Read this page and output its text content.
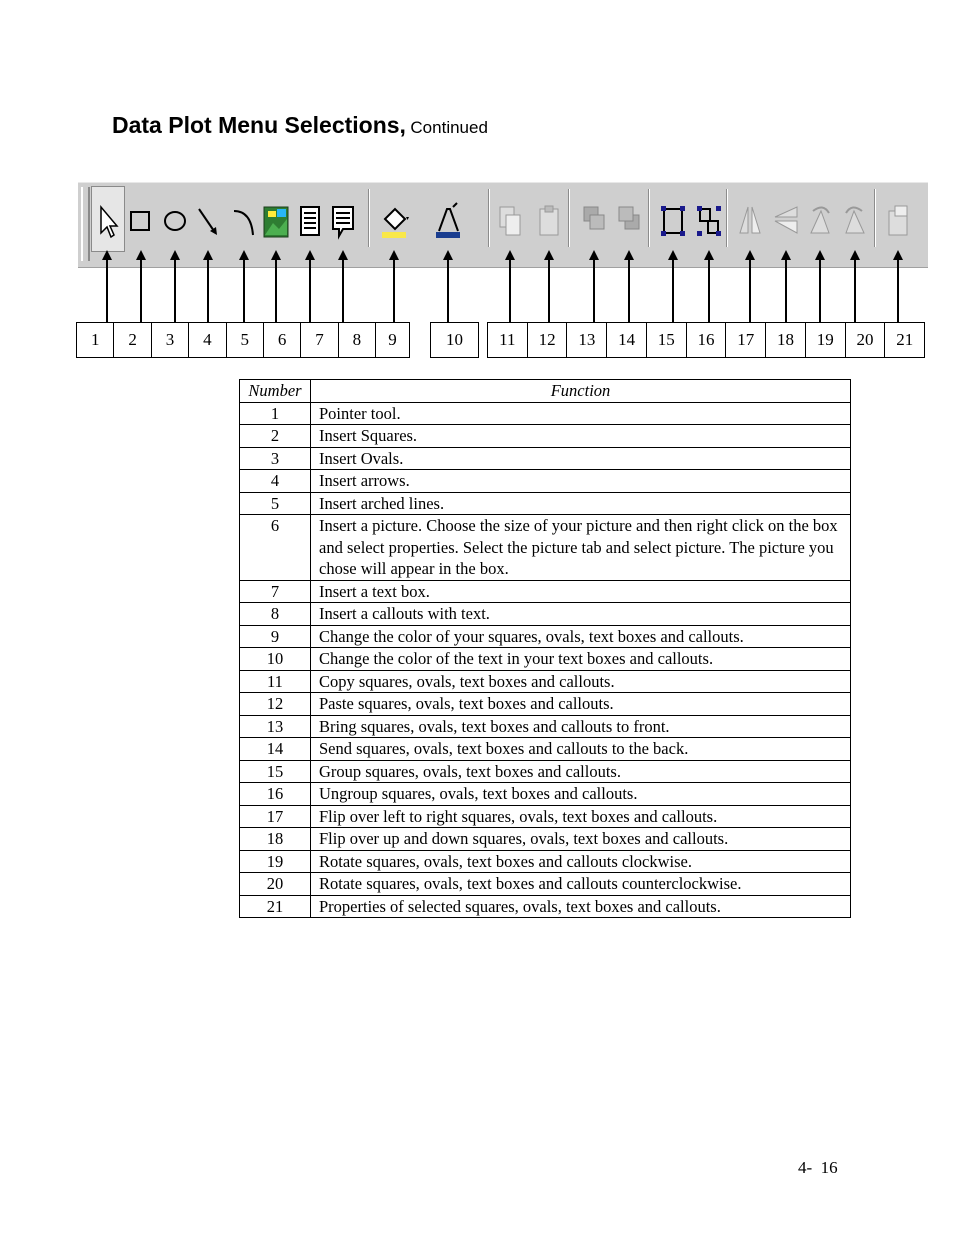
Data Plot Menu Selections, Continued
1	2	3	4	5	6	7	8	9	10	11	12	13	14	15	16	17	18	19	20	21
Number	Function
1	Pointer tool.
2	Insert Squares.
3	Insert Ovals.
4	Insert arrows.
5	Insert arched lines.
6	Insert a picture. Choose the size of your picture and then right click on the box and select properties. Select the picture tab and select picture. The picture you chose will appear in the box.
7	Insert a text box.
8	Insert a callouts with text.
9	Change the color of your squares, ovals, text boxes and callouts.
10	Change the color of the text in your text boxes and callouts.
11	Copy squares, ovals, text boxes and callouts.
12	Paste squares, ovals, text boxes and callouts.
13	Bring squares, ovals, text boxes and callouts to front.
14	Send squares, ovals, text boxes and callouts to the back.
15	Group squares, ovals, text boxes and callouts.
16	Ungroup squares, ovals, text boxes and callouts.
17	Flip over left to right squares, ovals, text boxes and callouts.
18	Flip over up and down squares, ovals, text boxes and callouts.
19	Rotate squares, ovals, text boxes and callouts clockwise.
20	Rotate squares, ovals, text boxes and callouts counterclockwise.
21	Properties of selected squares, ovals, text boxes and callouts.
4-  16
